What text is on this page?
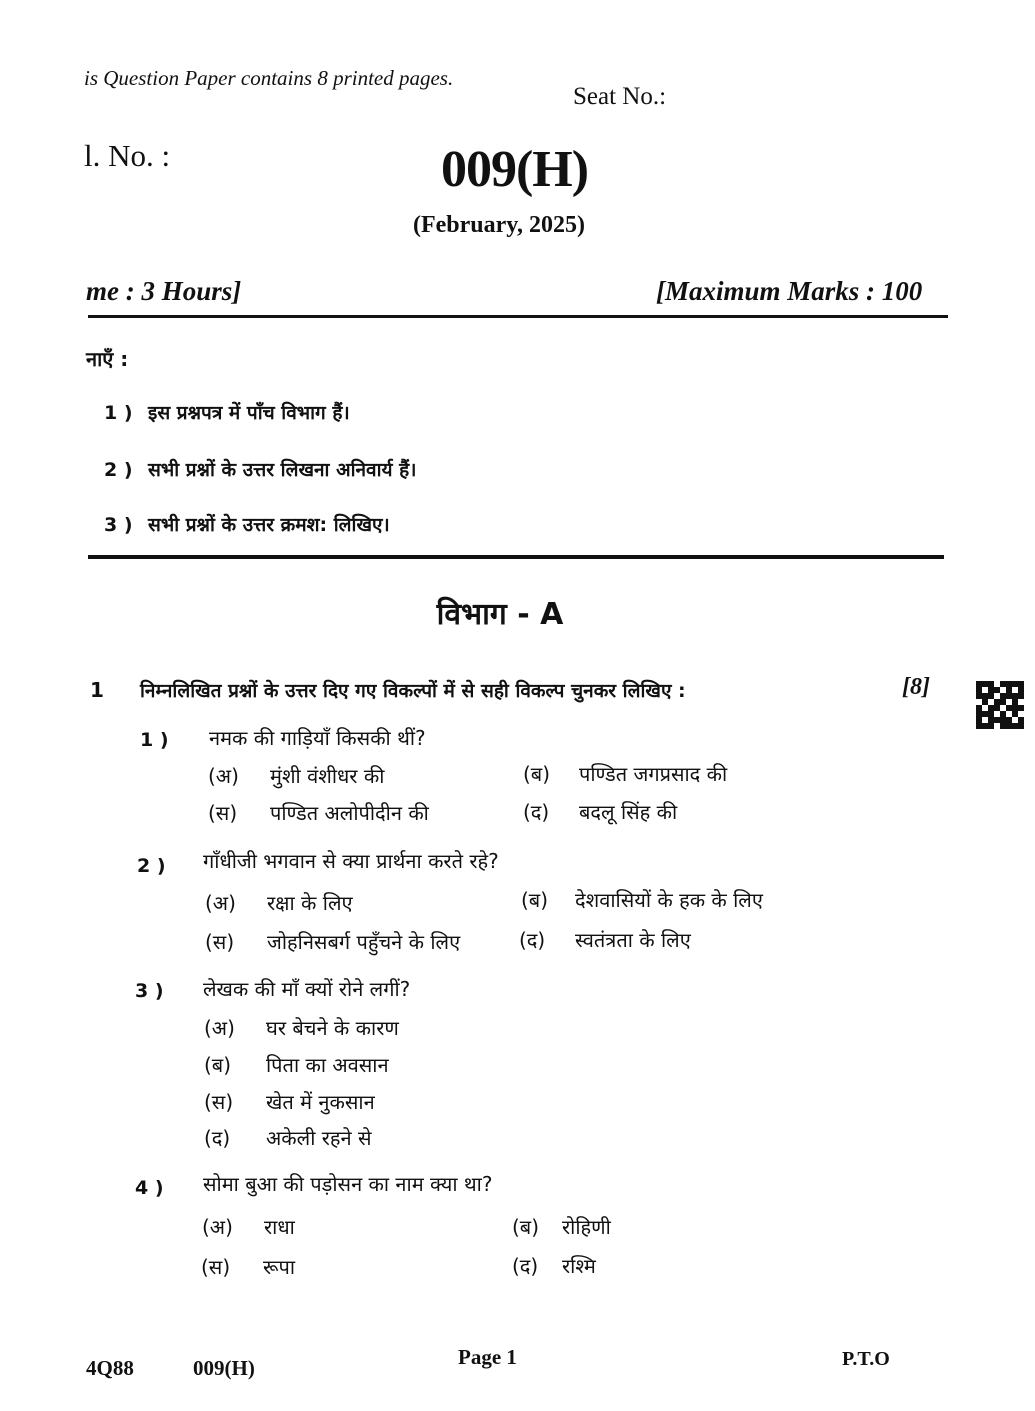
is Question Paper contains 8 printed pages.
Seat No.:
l. No. :	009(H)
(February, 2025)
me : 3 Hours]	[Maximum Marks : 100
नाएँ :
1 ) इस प्रश्नपत्र में पाँच विभाग हैं।
2 ) सभी प्रश्नों के उत्तर लिखना अनिवार्य हैं।
3 ) सभी प्रश्नों के उत्तर क्रमश: लिखिए।
विभाग - A
1 निम्नलिखित प्रश्नों के उत्तर दिए गए विकल्पों में से सही विकल्प चुनकर लिखिए :	[8]
1 ) नमक की गाड़ियाँ किसकी थीं?
(अ) मुंशी वंशीधर की	(ब) पण्डित जगप्रसाद की
(स) पण्डित अलोपीदीन की	(द) बदलू सिंह की
2 ) गाँधीजी भगवान से क्या प्रार्थना करते रहे?
(अ) रक्षा के लिए	(ब) देशवासियों के हक के लिए
(स) जोहनिसबर्ग पहुँचने के लिए	(द) स्वतंत्रता के लिए
3 ) लेखक की माँ क्यों रोने लगीं?
(अ) घर बेचने के कारण
(ब) पिता का अवसान
(स) खेत में नुकसान
(द) अकेली रहने से
4 ) सोमा बुआ की पड़ोसन का नाम क्या था?
(अ) राधा	(ब) रोहिणी
(स) रूपा	(द) रश्मि
4Q88	009(H)	Page 1	P.T.O
